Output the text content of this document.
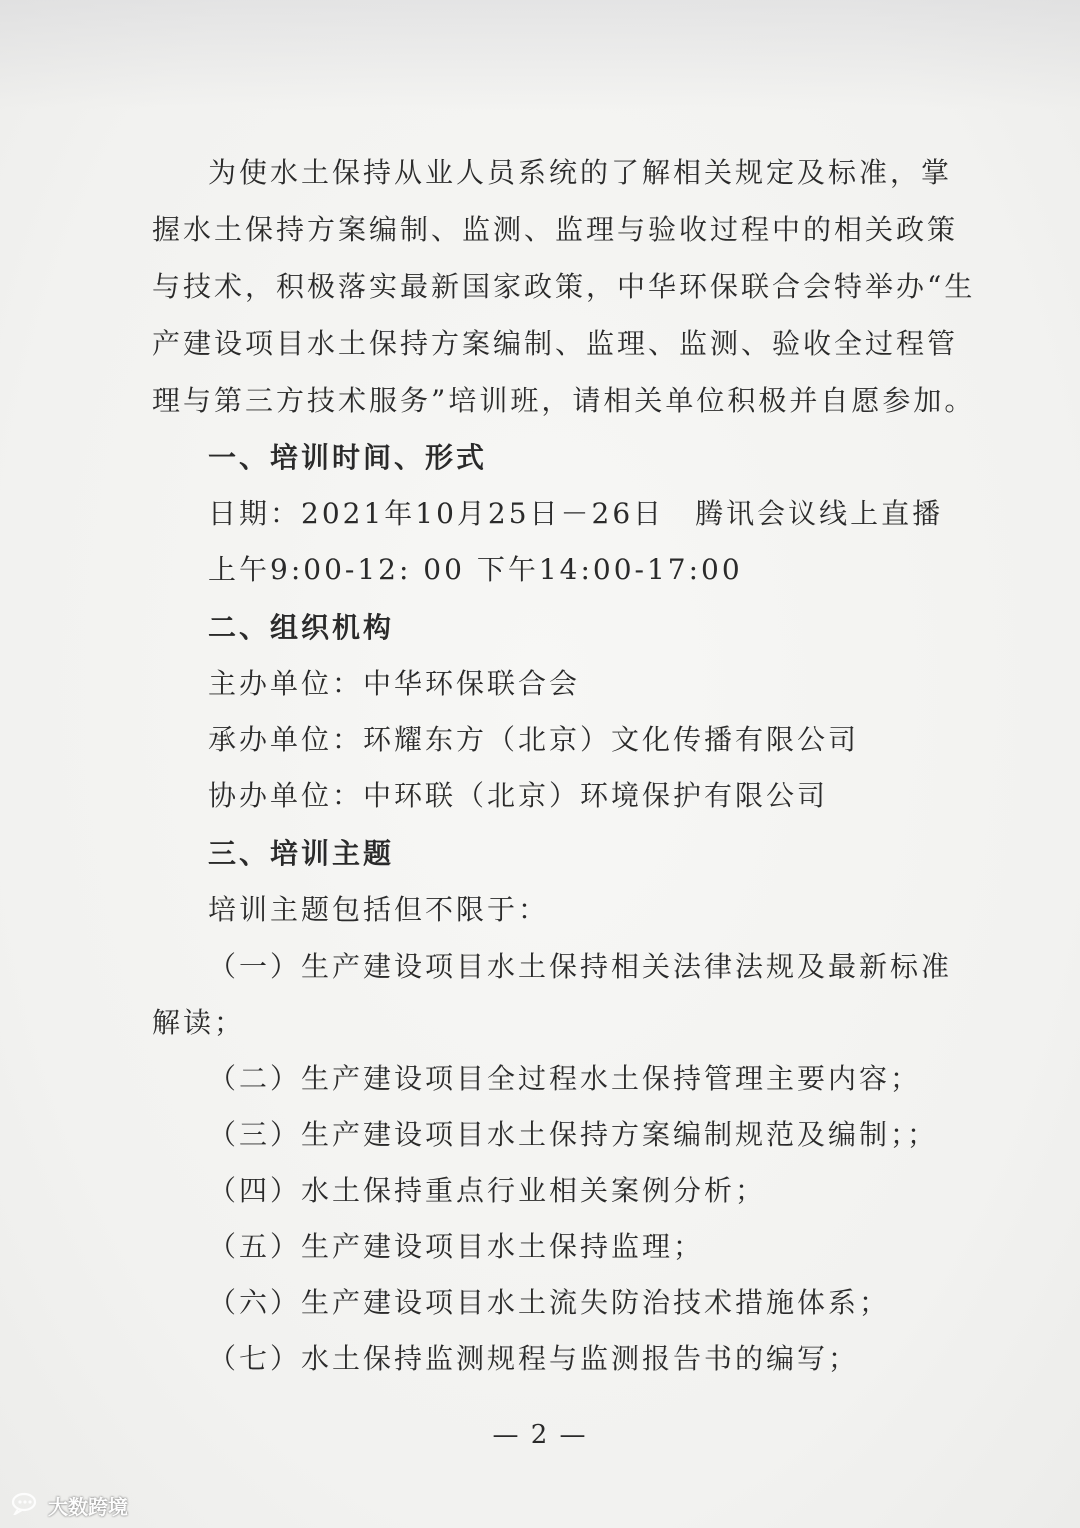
为使水土保持从业人员系统的了解相关规定及标准，掌
握水土保持方案编制、监测、监理与验收过程中的相关政策
与技术，积极落实最新国家政策，中华环保联合会特举办“生
产建设项目水土保持方案编制、监理、监测、验收全过程管
理与第三方技术服务”培训班，请相关单位积极并自愿参加。
一、培训时间、形式
日期：2021年10月25日－26日　腾讯会议线上直播
上午9:00-12: 00 下午14:00-17:00
二、组织机构
主办单位：中华环保联合会
承办单位：环耀东方（北京）文化传播有限公司
协办单位：中环联（北京）环境保护有限公司
三、培训主题
培训主题包括但不限于：
（一）生产建设项目水土保持相关法律法规及最新标准
解读；
（二）生产建设项目全过程水土保持管理主要内容；
（三）生产建设项目水土保持方案编制规范及编制；；
（四）水土保持重点行业相关案例分析；
（五）生产建设项目水土保持监理；
（六）生产建设项目水土流失防治技术措施体系；
（七）水土保持监测规程与监测报告书的编写；
— 2 —
大数跨境
